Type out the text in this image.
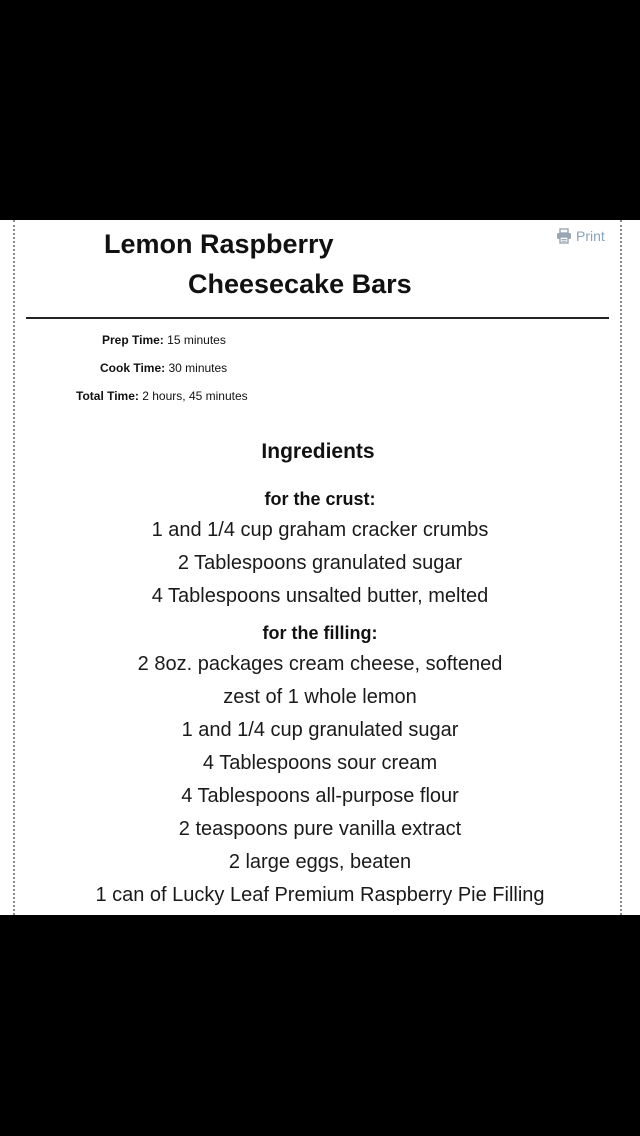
Lemon Raspberry
Cheesecake Bars
Print
Prep Time: 15 minutes
Cook Time: 30 minutes
Total Time: 2 hours, 45 minutes
Ingredients
for the crust:
1 and 1/4 cup graham cracker crumbs
2 Tablespoons granulated sugar
4 Tablespoons unsalted butter, melted
for the filling:
2 8oz. packages cream cheese, softened
zest of 1 whole lemon
1 and 1/4 cup granulated sugar
4 Tablespoons sour cream
4 Tablespoons all-purpose flour
2 teaspoons pure vanilla extract
2 large eggs, beaten
1 can of Lucky Leaf Premium Raspberry Pie Filling
